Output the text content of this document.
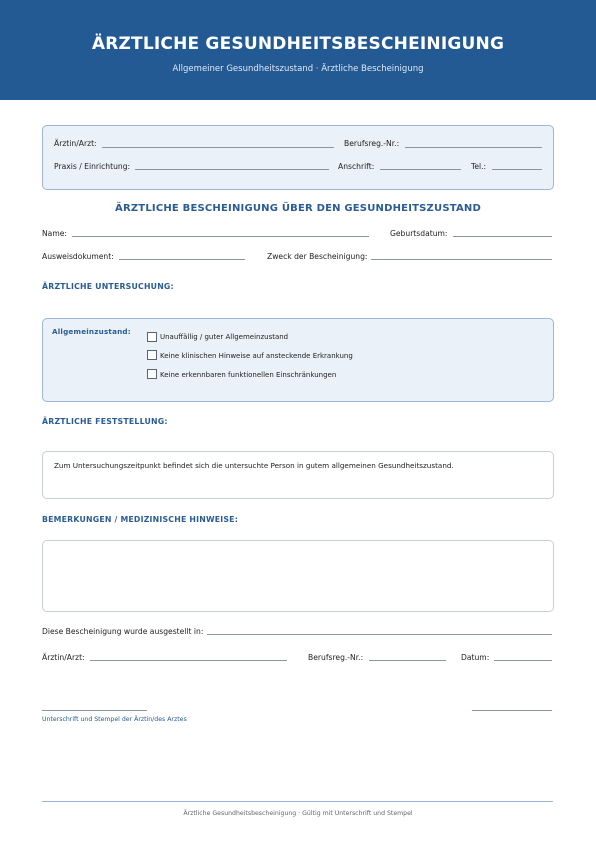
ÄRZTLICHE GESUNDHEITSBESCHEINIGUNG
Allgemeiner Gesundheitszustand · Ärztliche Bescheinigung
Ärztin/Arzt:	Berufsreg.-Nr.:
Praxis / Einrichtung:	Anschrift:	Tel.:
ÄRZTLICHE BESCHEINIGUNG ÜBER DEN GESUNDHEITSZUSTAND
Name:	Geburtsdatum:
Ausweisdokument:	Zweck der Bescheinigung:
ÄRZTLICHE UNTERSUCHUNG:
Allgemeinzustand:
Unauffällig / guter Allgemeinzustand
Keine klinischen Hinweise auf ansteckende Erkrankung
Keine erkennbaren funktionellen Einschränkungen
ÄRZTLICHE FESTSTELLUNG:
Zum Untersuchungszeitpunkt befindet sich die untersuchte Person in gutem allgemeinen Gesundheitszustand.
BEMERKUNGEN / MEDIZINISCHE HINWEISE:
Diese Bescheinigung wurde ausgestellt in:
Ärztin/Arzt:	Berufsreg.-Nr.:	Datum:
Unterschrift und Stempel der Ärztin/des Arztes
Ärztliche Gesundheitsbescheinigung · Gültig mit Unterschrift und Stempel
